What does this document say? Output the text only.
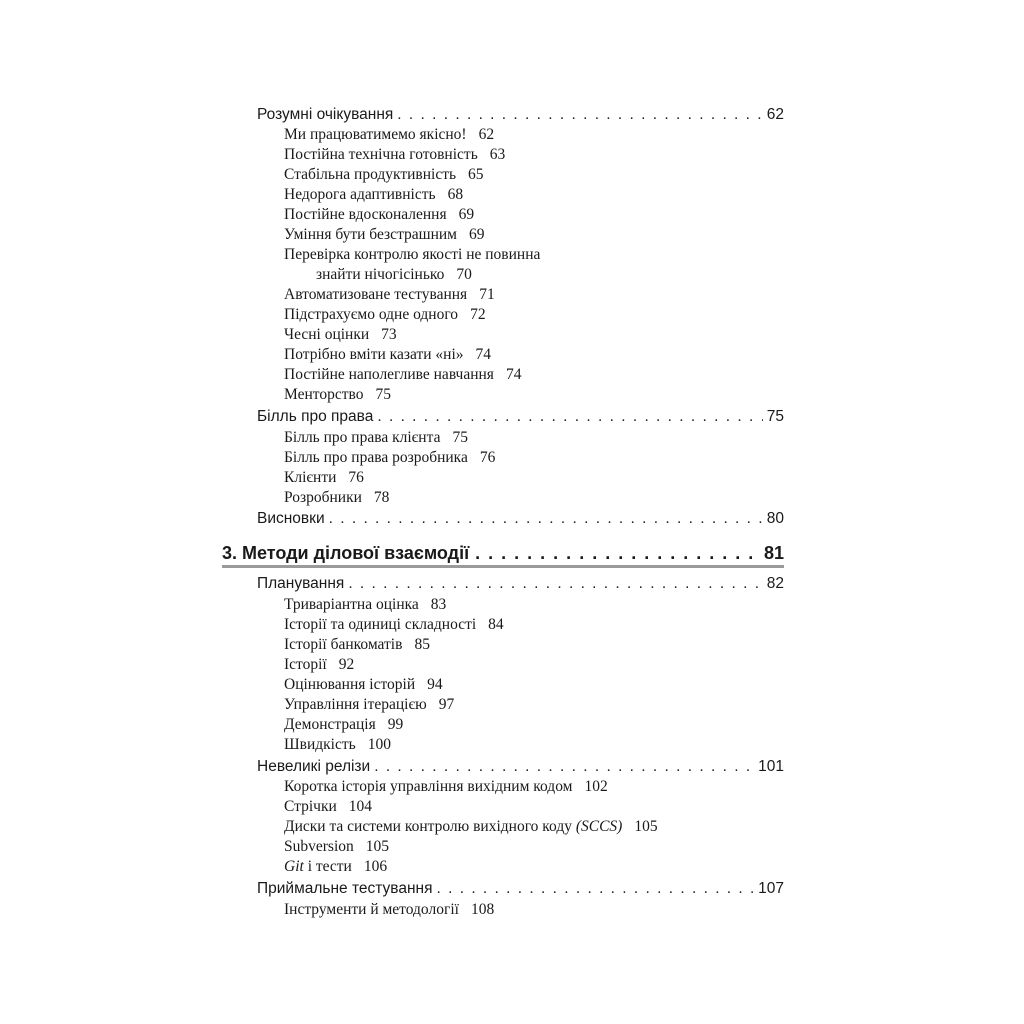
Розумні очікування . . .	62
Ми працюватимемо якісно! 62
Постійна технічна готовність 63
Стабільна продуктивність 65
Недорога адаптивність 68
Постійне вдосконалення 69
Уміння бути безстрашним 69
Перевірка контролю якості не повинна
знайти нічогісінько 70
Автоматизоване тестування 71
Підстрахуємо одне одного 72
Чесні оцінки 73
Потрібно вміти казати «ні» 74
Постійне наполегливе навчання 74
Менторство 75
Білль про права . . .	75
Білль про права клієнта 75
Білль про права розробника 76
Клієнти 76
Розробники 78
Висновки . . .	80
3. Методи ділової взаємодії . . .	81
Планування . . .	82
Триваріантна оцінка 83
Історії та одиниці складності 84
Історії банкоматів 85
Історії 92
Оцінювання історій 94
Управління ітерацією 97
Демонстрація 99
Швидкість 100
Невеликі релізи . . .	101
Коротка історія управління вихідним кодом 102
Стрічки 104
Диски та системи контролю вихідного коду (SCCS) 105
Subversion 105
Git і тести 106
Приймальне тестування . . .	107
Інструменти й методології 108
